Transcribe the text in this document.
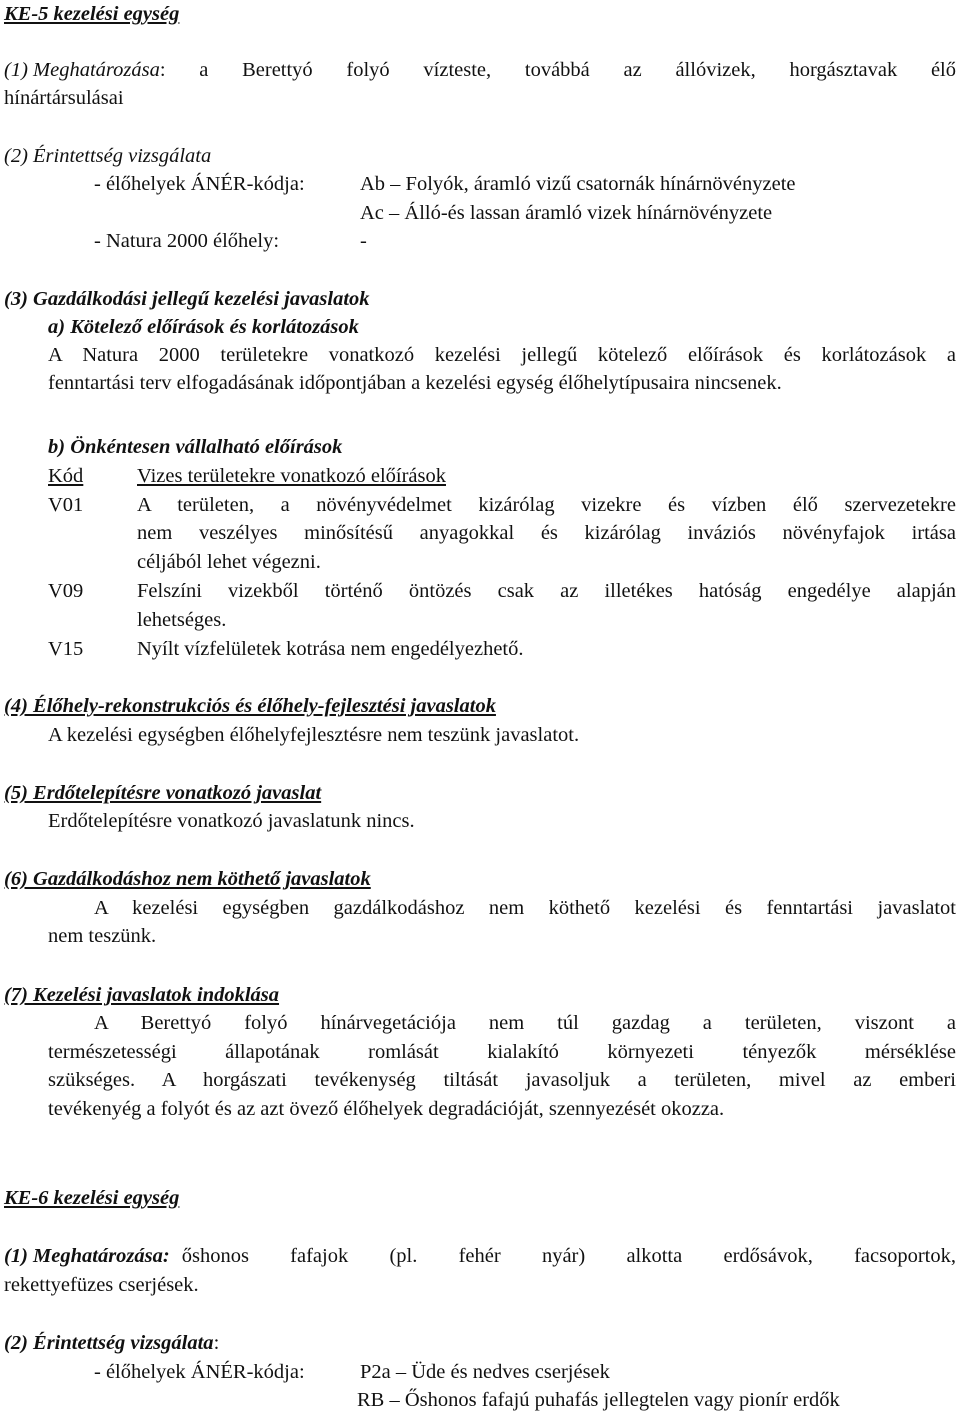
KE-5 kezelési egység
(1) Meghatározása : a Berettyó folyó víztestе, továbbá az állóvizek, horgásztavak élő
hínártársulásai
(2) Érintettség vizsgálata
- élőhelyek ÁNÉR-kódja:	Ab – Folyók, áramló vizű csatornák hínárnövényzete
Ac – Álló-és lassan áramló vizek hínárnövényzete
- Natura 2000 élőhely:	-
(3) Gazdálkodási jellegű kezelési javaslatok
a) Kötelező előírások és korlátozások
A Natura 2000 területekre vonatkozó kezelési jellegű kötelező előírások és korlátozások a
fenntartási terv elfogadásának időpontjában a kezelési egység élőhelytípusaira nincsenek.
b) Önkéntesen vállalható előírások
Kód	Vizes területekre vonatkozó előírások
V01	A területen, a növényvédelmet kizárólag vizekre és vízben élő szervezetekre
nem veszélyes minősítésű anyagokkal és kizárólag inváziós növényfajok irtása
céljából lehet végezni.
V09	Felszíni vizekből történő öntözés csak az illetékes hatóság engedélye alapján
lehetséges.
V15	Nyílt vízfelületek kotrása nem engedélyezhető.
(4) Élőhely-rekonstrukciós és élőhely-fejlesztési javaslatok
A kezelési egységben élőhelyfejlesztésre nem teszünk javaslatot.
(5) Erdőtelepítésre vonatkozó javaslat
Erdőtelepítésre vonatkozó javaslatunk nincs.
(6) Gazdálkodáshoz nem köthető javaslatok
A kezelési egységben gazdálkodáshoz nem köthető kezelési és fenntartási javaslatot
nem teszünk.
(7) Kezelési javaslatok indoklása
A Berettyó folyó hínárvegetációja nem túl gazdag a területen, viszont a
természetességi állapotának romlását kialakító környezeti tényezők mérséklése
szükséges. A horgászati tevékenység tiltását javasoljuk a területen, mivel az emberi
tevékenyég a folyót és az azt övező élőhelyek degradációját, szennyezését okozza.
KE-6 kezelési egység
(1) Meghatározása: őshonos fafajok (pl. fehér nyár) alkotta erdősávok, facsoportok,
rekettyefüzes cserjések.
(2) Érintettség vizsgálata:
- élőhelyek ÁNÉR-kódja:	P2a – Üde és nedves cserjések
RB – Őshonos fafajú puhafás jellegtelen vagy pionír erdők
